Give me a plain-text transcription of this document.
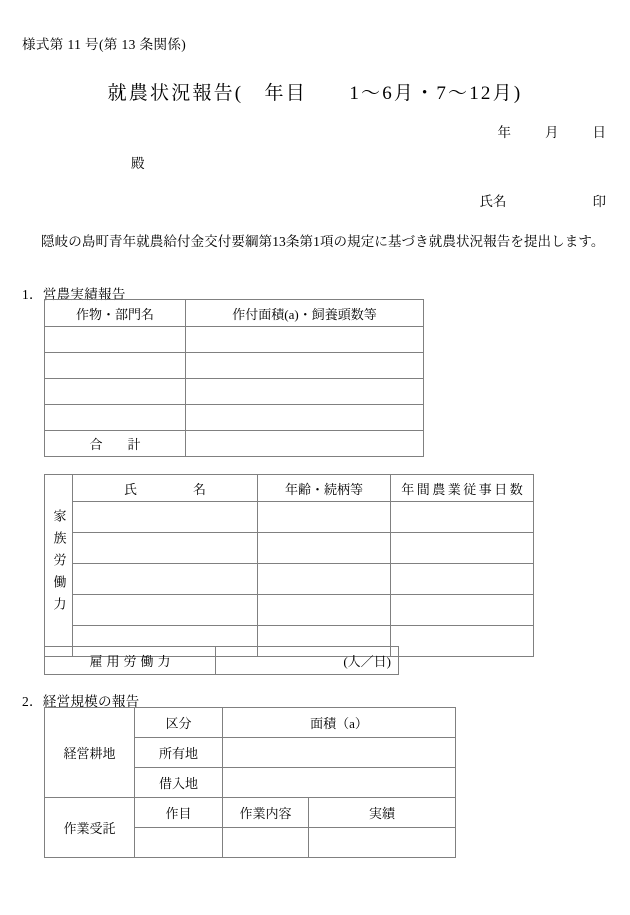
様式第 11 号(第 13 条関係)
就農状況報告(　年目　　1〜6月・7〜12月)
年	月	日
殿
氏名	印
隠岐の島町青年就農給付金交付要綱第13条第1項の規定に基づき就農状況報告を提出します。
1．営農実績報告
作物・部門名	作付面積(a)・飼養頭数等

合　計	
家族労働力	氏　　名	年齢・続柄等	年間農業従事日数

雇用労働力	(人／日)
2．経営規模の報告
経営耕地	区分	面積（a）	
	所有地		
	借入地		
作業受託	作目	作業内容	実績
